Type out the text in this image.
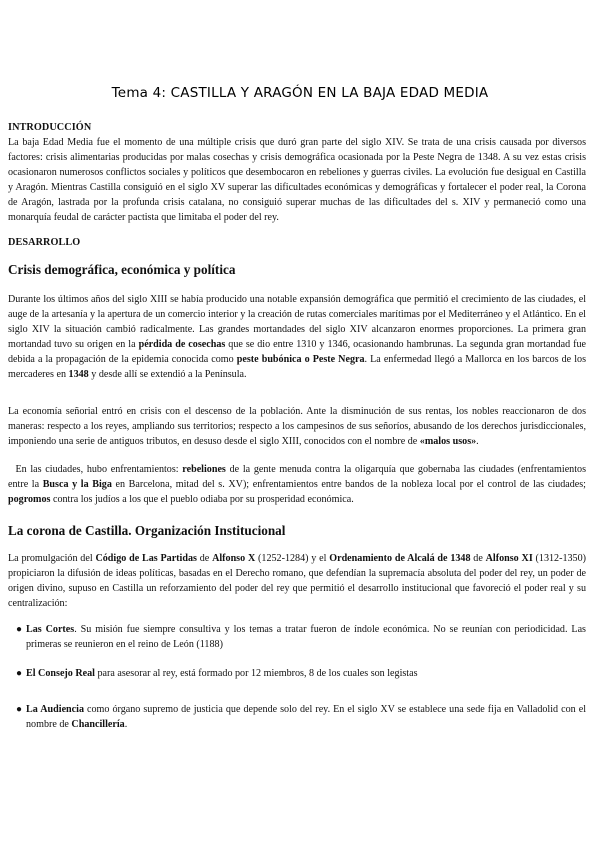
Tema 4: CASTILLA Y ARAGÓN EN LA BAJA EDAD MEDIA
INTRODUCCIÓN

La baja Edad Media fue el momento de una múltiple crisis que duró gran parte del siglo XIV. Se trata de una crisis causada por diversos factores: crisis alimentarias producidas por malas cosechas y crisis demográfica ocasionada por la Peste Negra de 1348. A su vez estas crisis ocasionaron numerosos conflictos sociales y políticos que desembocaron en rebeliones y guerras civiles. La evolución fue desigual en Castilla y Aragón. Mientras Castilla consiguió en el siglo XV superar las dificultades económicas y demográficas y fortalecer el poder real, la Corona de Aragón, lastrada por la profunda crisis catalana, no consiguió superar muchas de las dificultades del s. XIV y permaneció como una monarquía feudal de carácter pactista que limitaba el poder del rey.

DESARROLLO
Crisis demográfica, económica y política

Durante los últimos años del siglo XIII se había producido una notable expansión demográfica que permitió el crecimiento de las ciudades, el auge de la artesanía y la apertura de un comercio interior y la creación de rutas comerciales marítimas por el Mediterráneo y el Atlántico. En el siglo XIV la situación cambió radicalmente. Las grandes mortandades del siglo XIV alcanzaron enormes proporciones. La primera gran mortandad tuvo su origen en la pérdida de cosechas que se dio entre 1310 y 1346, ocasionando hambrunas. La segunda gran mortandad fue debida a la propagación de la epidemia conocida como peste bubónica o Peste Negra. La enfermedad llegó a Mallorca en los barcos de los mercaderes en 1348 y desde allí se extendió a la Península.

La economía señorial entró en crisis con el descenso de la población. Ante la disminución de sus rentas, los nobles reaccionaron de dos maneras: respecto a los reyes, ampliando sus territorios; respecto a los campesinos de sus señoríos, abusando de los derechos jurisdiccionales, imponiendo una serie de antiguos tributos, en desuso desde el siglo XIII, conocidos con el nombre de «malos usos».

En las ciudades, hubo enfrentamientos: rebeliones de la gente menuda contra la oligarquía que gobernaba las ciudades (enfrentamientos entre la Busca y la Biga en Barcelona, mitad del s. XV); enfrentamientos entre bandos de la nobleza local por el control de las ciudades; pogromos contra los judíos a los que el pueblo odiaba por su prosperidad económica.

La corona de Castilla. Organización Institucional

La promulgación del Código de Las Partidas de Alfonso X (1252-1284) y el Ordenamiento de Alcalá de 1348 de Alfonso XI (1312-1350) propiciaron la difusión de ideas políticas, basadas en el Derecho romano, que defendían la supremacía absoluta del poder del rey, un poder de origen divino, supuso en Castilla un reforzamiento del poder del rey que permitió el desarrollo institucional que favoreció el poder real y su centralización:

● Las Cortes. Su misión fue siempre consultiva y los temas a tratar fueron de índole económica. No se reunían con periodicidad. Las primeras se reunieron en el reino de León (1188)

● El Consejo Real para asesorar al rey, está formado por 12 miembros, 8 de los cuales son legistas

● La Audiencia como órgano supremo de justicia que depende solo del rey. En el siglo XV se establece una sede fija en Valladolid con el nombre de Chancillería.
